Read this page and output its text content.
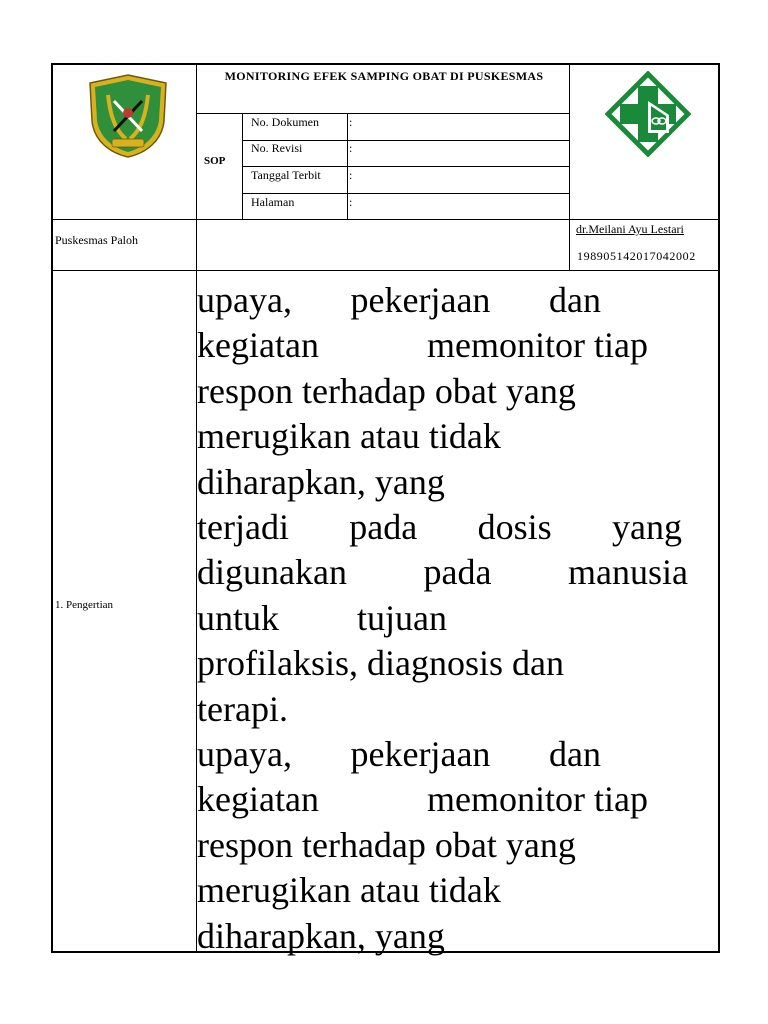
MONITORING EFEK SAMPING OBAT DI PUSKESMAS
SOP
No. Dokumen	:
No. Revisi	:
Tanggal Terbit :
Halaman	:
Puskesmas Paloh
dr.Meilani Ayu Lestari
198905142017042002
1. Pengertian
upaya, pekerjaan dan
kegiatan	memonitor tiap
respon terhadap obat yang
merugikan atau tidak
diharapkan, yang
terjadi pada dosis yang
digunakan pada manusia
untuk tujuan
profilaksis, diagnosis dan
terapi.
upaya, pekerjaan dan
kegiatan	memonitor tiap
respon terhadap obat yang
merugikan atau tidak
diharapkan, yang
